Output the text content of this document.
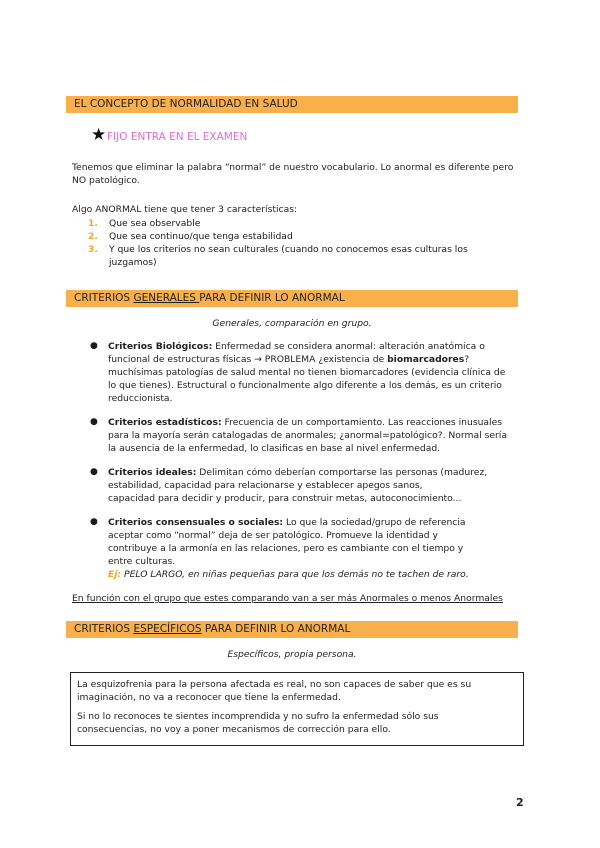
EL CONCEPTO DE NORMALIDAD EN SALUD
★ FIJO ENTRA EN EL EXAMEN
Tenemos que eliminar la palabra “normal” de nuestro vocabulario. Lo anormal es diferente pero
NO patológico.
Algo ANORMAL tiene que tener 3 características:
1. Que sea observable
2. Que sea continuo/que tenga estabilidad
3. Y que los criterios no sean culturales (cuando no conocemos esas culturas los
juzgamos)
CRITERIOS GENERALES PARA DEFINIR LO ANORMAL
Generales, comparación en grupo.
● Criterios Biológicos: Enfermedad se considera anormal: alteración anatómica o
funcional de estructuras físicas → PROBLEMA ¿existencia de biomarcadores?
muchísimas patologías de salud mental no tienen biomarcadores (evidencia clínica de
lo que tienes). Estructural o funcionalmente algo diferente a los demás, es un criterio
reduccionista.
● Criterios estadísticos: Frecuencia de un comportamiento. Las reacciones inusuales
para la mayoría serán catalogadas de anormales; ¿anormal=patológico?. Normal sería
la ausencia de la enfermedad, lo clasificas en base al nivel enfermedad.
● Criterios ideales: Delimitan cómo deberían comportarse las personas (madurez,
estabilidad, capacidad para relacionarse y establecer apegos sanos,
capacidad para decidir y producir, para construir metas, autoconocimiento...
● Criterios consensuales o sociales: Lo que la sociedad/grupo de referencia
aceptar como “normal” deja de ser patológico. Promueve la identidad y
contribuye a la armonía en las relaciones, pero es cambiante con el tiempo y
entre culturas.
Ej: PELO LARGO, en niñas pequeñas para que los demás no te tachen de raro.
En función con el grupo que estes comparando van a ser más Anormales o menos Anormales
CRITERIOS ESPECÍFICOS PARA DEFINIR LO ANORMAL
Específicos, propia persona.

La esquizofrenia para la persona afectada es real, no son capaces de saber que es su
imaginación, no va a reconocer que tiene la enfermedad.

Si no lo reconoces te sientes incomprendida y no sufro la enfermedad sólo sus
consecuencias, no voy a poner mecanismos de corrección para ello.

2
